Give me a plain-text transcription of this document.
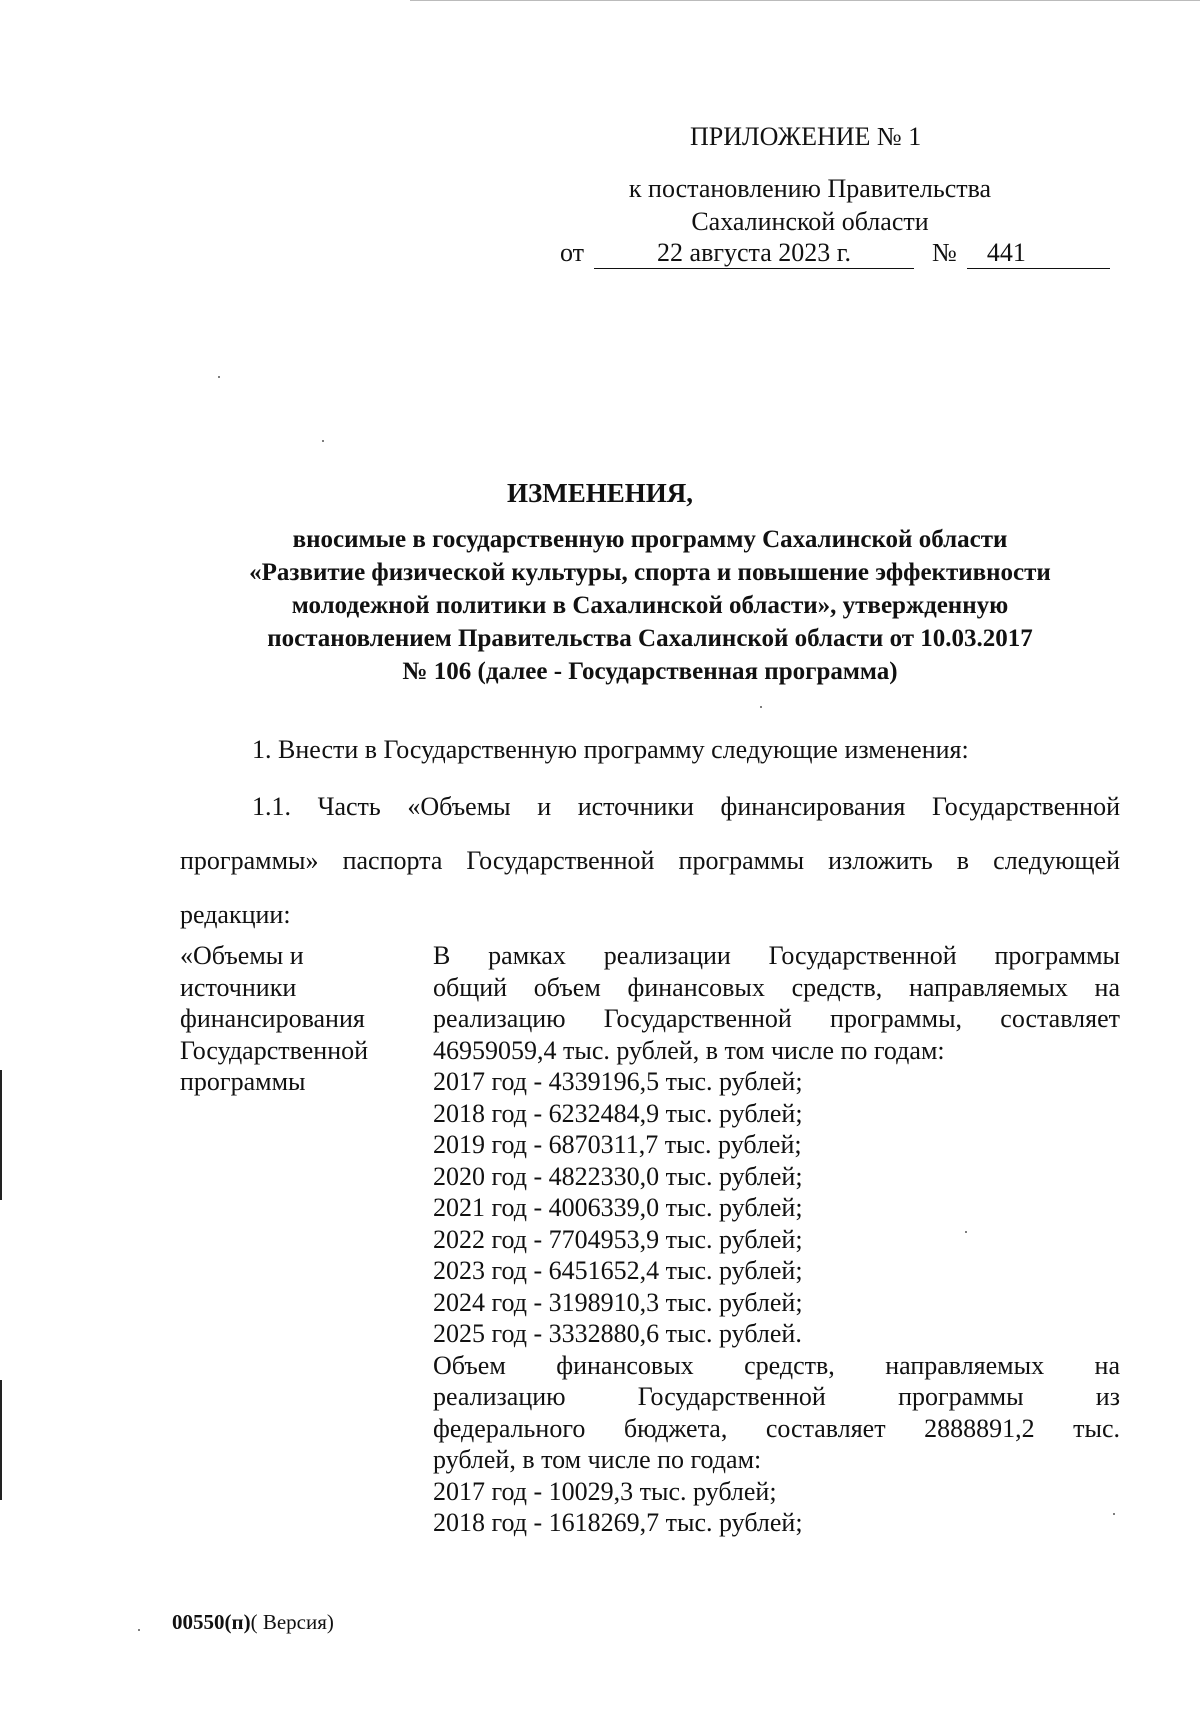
ПРИЛОЖЕНИЕ № 1
к постановлению Правительства
Сахалинской области
от	22 августа 2023 г.	№ 441
ИЗМЕНЕНИЯ,
вносимые в государственную программу Сахалинской области
«Развитие физической культуры, спорта и повышение эффективности
молодежной политики в Сахалинской области», утвержденную
постановлением Правительства Сахалинской области от 10.03.2017
№ 106 (далее - Государственная программа)
1. Внести в Государственную программу следующие изменения:
1.1. Часть «Объемы и источники финансирования Государственной программы» паспорта Государственной программы изложить в следующей редакции:
«Объемы и
источники
финансирования
Государственной
программы
В рамках реализации Государственной программы
общий объем финансовых средств, направляемых на
реализацию Государственной программы, составляет
46959059,4 тыс. рублей, в том числе по годам:
2017 год - 4339196,5 тыс. рублей;
2018 год - 6232484,9 тыс. рублей;
2019 год - 6870311,7 тыс. рублей;
2020 год - 4822330,0 тыс. рублей;
2021 год - 4006339,0 тыс. рублей;
2022 год - 7704953,9 тыс. рублей;
2023 год - 6451652,4 тыс. рублей;
2024 год - 3198910,3 тыс. рублей;
2025 год - 3332880,6 тыс. рублей.
Объем финансовых средств, направляемых на
реализацию Государственной программы из
федерального бюджета, составляет 2888891,2 тыс.
рублей, в том числе по годам:
2017 год - 10029,3 тыс. рублей;
2018 год - 1618269,7 тыс. рублей;
00550(п)( Версия)
